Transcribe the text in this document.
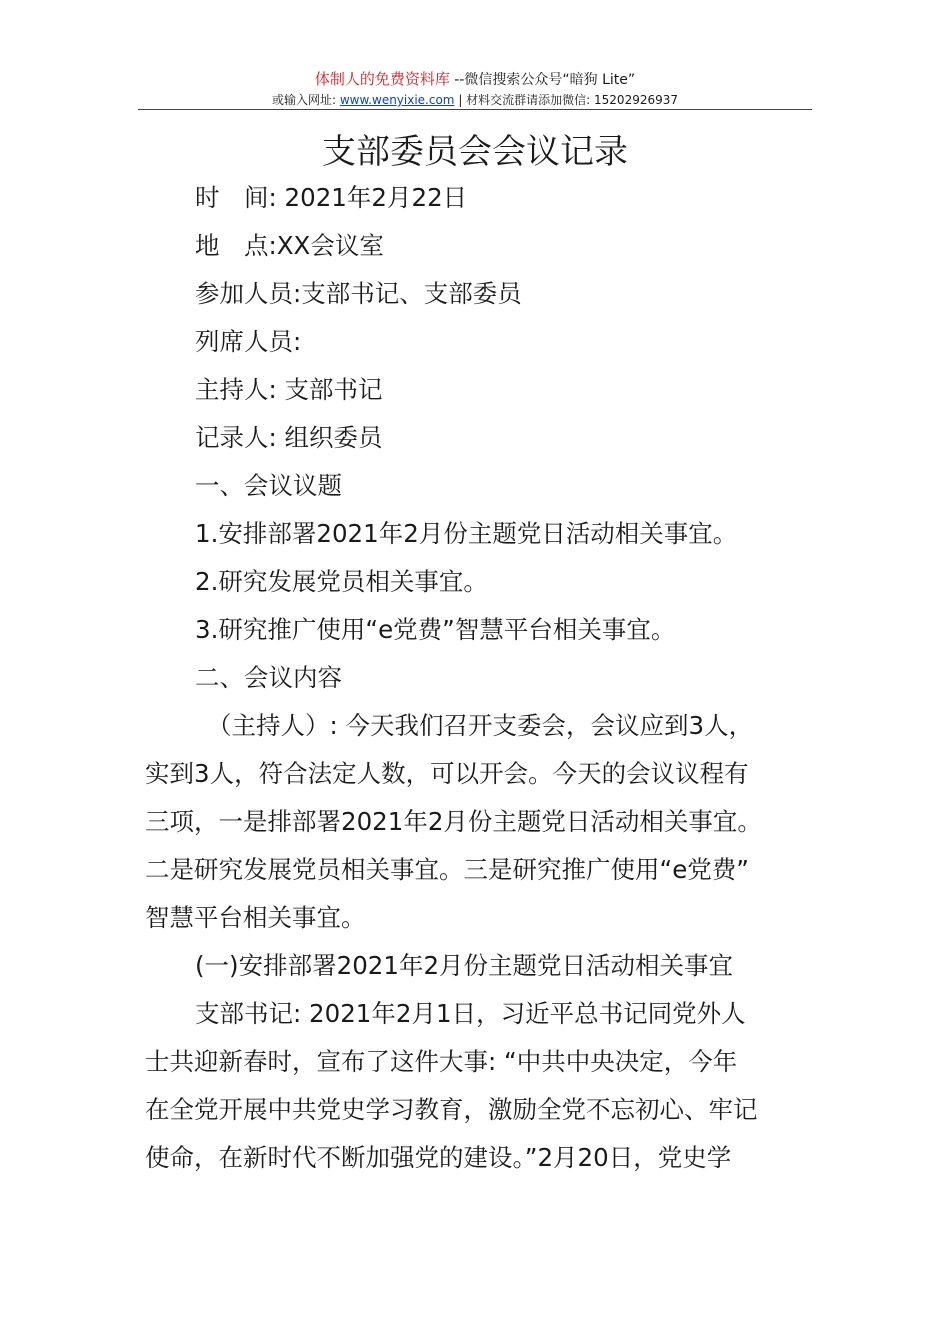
体制人的免费资料库 --微信搜索公众号“暗狗 Lite”
或输入网址: www.wenyixie.com | 材料交流群请添加微信: 15202926937
支部委员会会议记录
时　间: 2021年2月22日
地　点:XX会议室
参加人员:支部书记、支部委员
列席人员:
主持人: 支部书记
记录人: 组织委员
一、会议议题
1.安排部署2021年2月份主题党日活动相关事宜。
2.研究发展党员相关事宜。
3.研究推广使用“e党费”智慧平台相关事宜。
二、会议内容
（主持人）: 今天我们召开支委会，会议应到3人，
实到3人，符合法定人数，可以开会。今天的会议议程有
三项，一是排部署2021年2月份主题党日活动相关事宜。
二是研究发展党员相关事宜。三是研究推广使用“e党费”
智慧平台相关事宜。
(一)安排部署2021年2月份主题党日活动相关事宜
支部书记: 2021年2月1日，习近平总书记同党外人
士共迎新春时，宣布了这件大事: “中共中央决定，今年
在全党开展中共党史学习教育，激励全党不忘初心、牢记
使命，在新时代不断加强党的建设。”2月20日，党史学
